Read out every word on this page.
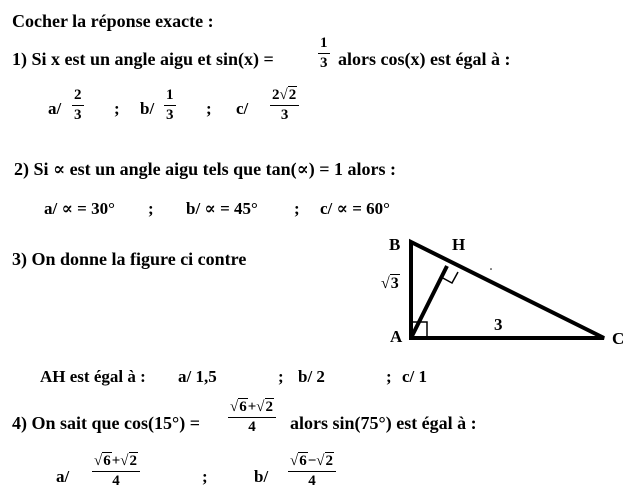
Cocher la réponse exacte :
1) Si x est un angle aigu et sin(x) =	$\frac{1}{3}$ alors cos(x) est égal à :
$a/ \frac{2}{3}$ ; $b/ \frac{1}{3}$ ; $c/ \frac{2√2}{3}$
2) Si ∝ est un angle aigu tels que tan(∝) = 1 alors :
a/ ∝ = 30° ; b/ ∝ = 45° ; c/ ∝ = 60°
3) On donne la figure ci contre
B	H
A	C
√3
3
AH est égal à : a/ 1,5	; b/ 2	; c/ 1
4) On sait que $\cos(15^\circ) = \frac{√6+√2}{4}$ alors sin(75°) est égal à :
$a/ \frac{√6+√2}{4}$	;	$b/ \frac{√6-√2}{4}$
